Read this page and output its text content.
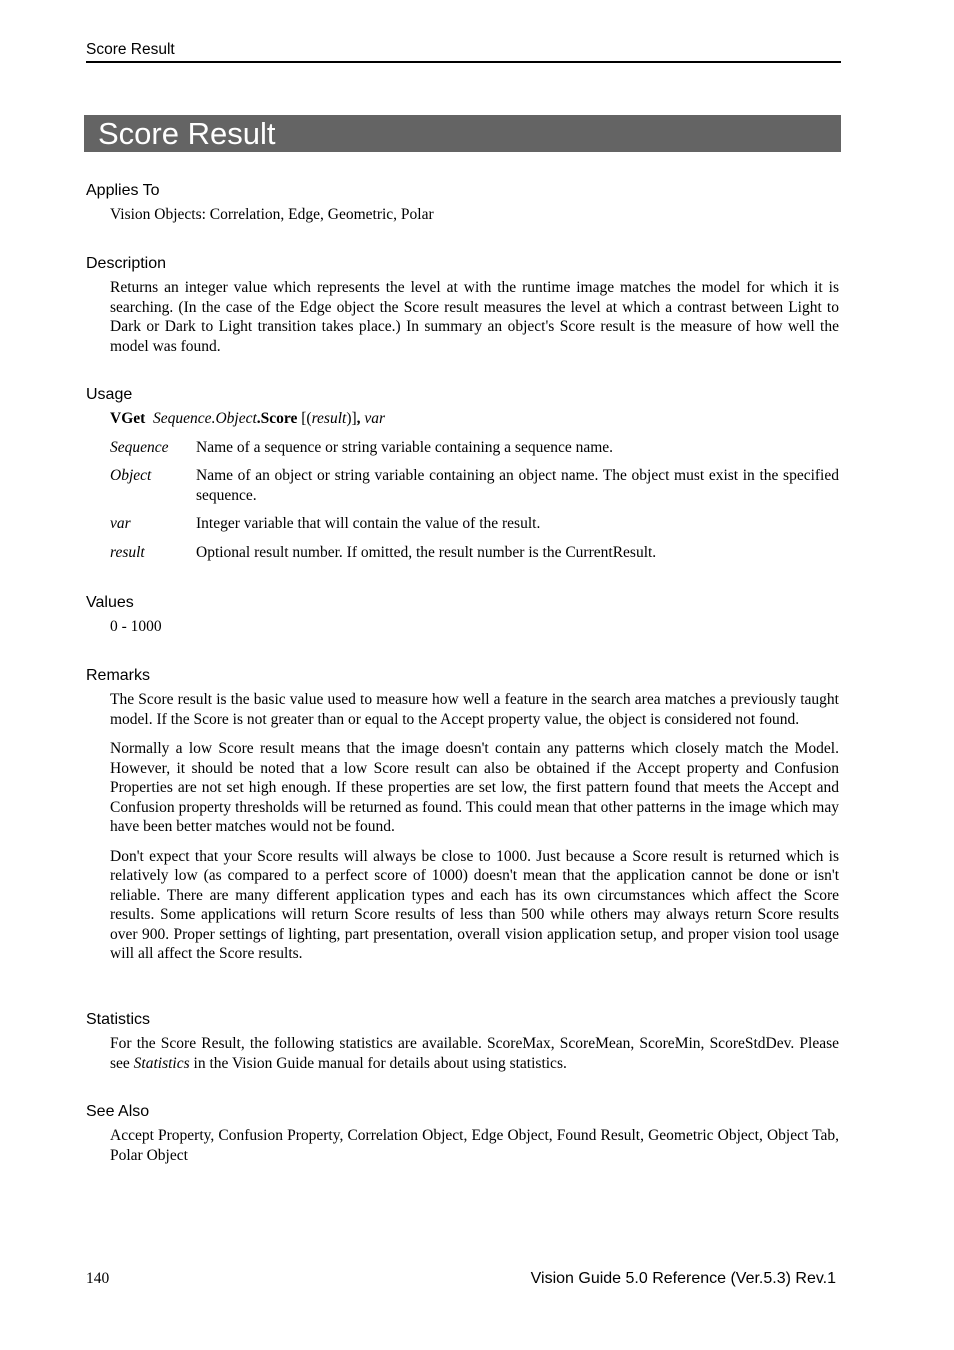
Score Result
Score Result

Applies To

Vision Objects: Correlation, Edge, Geometric, Polar

Description

Returns an integer value which represents the level at with the runtime image matches the model for which it is searching. (In the case of the Edge object the Score result measures the level at which a contrast between Light to Dark or Dark to Light transition takes place.) In summary an object's Score result is the measure of how well the model was found.

Usage

VGet Sequence.Object.Score [(result)], var
Sequence	Name of a sequence or string variable containing a sequence name.
Object	Name of an object or string variable containing an object name. The object must exist in the specified sequence.
var	Integer variable that will contain the value of the result.
result	Optional result number. If omitted, the result number is the CurrentResult.

Values

0 - 1000

Remarks

The Score result is the basic value used to measure how well a feature in the search area matches a previously taught model. If the Score is not greater than or equal to the Accept property value, the object is considered not found.

Normally a low Score result means that the image doesn't contain any patterns which closely match the Model. However, it should be noted that a low Score result can also be obtained if the Accept property and Confusion Properties are not set high enough. If these properties are set low, the first pattern found that meets the Accept and Confusion property thresholds will be returned as found. This could mean that other patterns in the image which may have been better matches would not be found.

Don't expect that your Score results will always be close to 1000. Just because a Score result is returned which is relatively low (as compared to a perfect score of 1000) doesn't mean that the application cannot be done or isn't reliable. There are many different application types and each has its own circumstances which affect the Score results. Some applications will return Score results of less than 500 while others may always return Score results over 900. Proper settings of lighting, part presentation, overall vision application setup, and proper vision tool usage will all affect the Score results.

Statistics

For the Score Result, the following statistics are available. ScoreMax, ScoreMean, ScoreMin, ScoreStdDev. Please see Statistics in the Vision Guide manual for details about using statistics.

See Also

Accept Property, Confusion Property, Correlation Object, Edge Object, Found Result, Geometric Object, Object Tab, Polar Object

140	Vision Guide 5.0 Reference (Ver.5.3) Rev.1
